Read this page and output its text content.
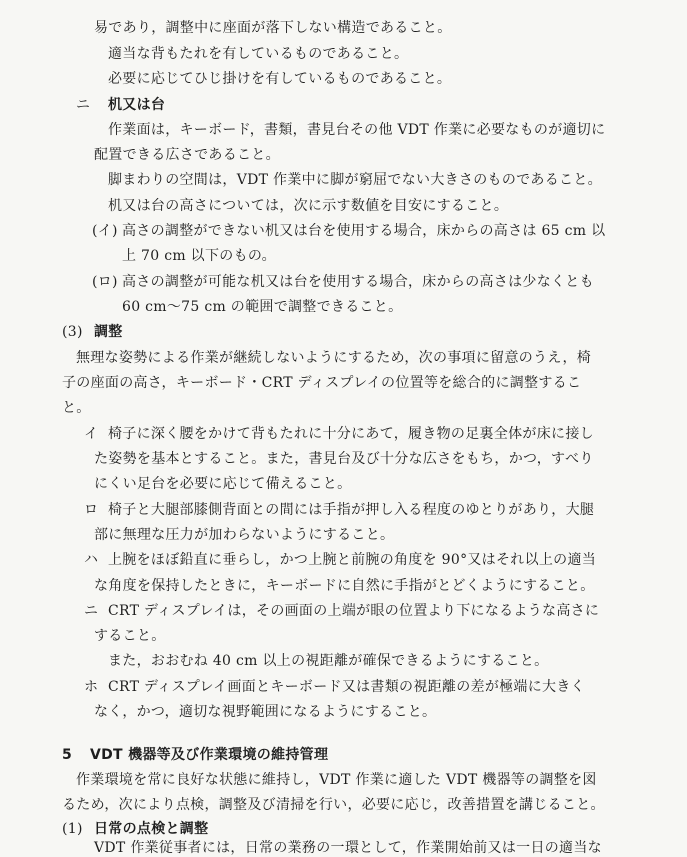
易であり，調整中に座面が落下しない構造であること。
適当な背もたれを有しているものであること。
必要に応じてひじ掛けを有しているものであること。
ニ 机又は台
作業面は，キーボード，書類，書見台その他 VDT 作業に必要なものが適切に
配置できる広さであること。
脚まわりの空間は，VDT 作業中に脚が窮屈でない大きさのものであること。
机又は台の高さについては，次に示す数値を目安にすること。
(イ) 高さの調整ができない机又は台を使用する場合，床からの高さは 65 cm 以
上 70 cm 以下のもの。
(ロ) 高さの調整が可能な机又は台を使用する場合，床からの高さは少なくとも
60 cm〜75 cm の範囲で調整できること。
(3) 調整
無理な姿勢による作業が継続しないようにするため，次の事項に留意のうえ，椅
子の座面の高さ，キーボード・CRT ディスプレイの位置等を総合的に調整するこ
と。
イ 椅子に深く腰をかけて背もたれに十分にあて，履き物の足裏全体が床に接し
た姿勢を基本とすること。また，書見台及び十分な広さをもち，かつ，すべり
にくい足台を必要に応じて備えること。
ロ 椅子と大腿部膝側背面との間には手指が押し入る程度のゆとりがあり，大腿
部に無理な圧力が加わらないようにすること。
ハ 上腕をほぼ鉛直に垂らし，かつ上腕と前腕の角度を 90°又はそれ以上の適当
な角度を保持したときに，キーボードに自然に手指がとどくようにすること。
ニ CRT ディスプレイは，その画面の上端が眼の位置より下になるような高さに
すること。
また，おおむね 40 cm 以上の視距離が確保できるようにすること。
ホ CRT ディスプレイ画面とキーボード又は書類の視距離の差が極端に大きく
なく，かつ，適切な視野範囲になるようにすること。
5 VDT 機器等及び作業環境の維持管理
作業環境を常に良好な状態に維持し，VDT 作業に適した VDT 機器等の調整を図
るため，次により点検，調整及び清掃を行い，必要に応じ，改善措置を講じること。
(1) 日常の点検と調整
VDT 作業従事者には，日常の業務の一環として，作業開始前又は一日の適当な
